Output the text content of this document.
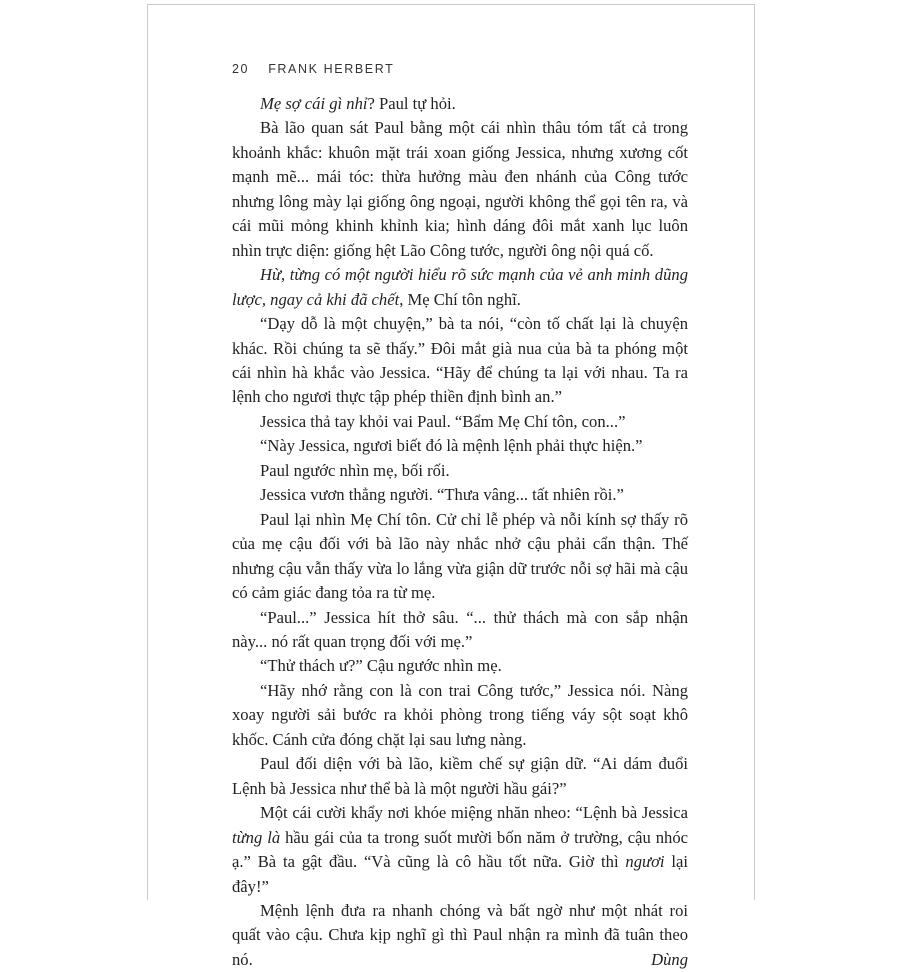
20 FRANK HERBERT

Mẹ sợ cái gì nhỉ? Paul tự hỏi.

Bà lão quan sát Paul bằng một cái nhìn thâu tóm tất cả trong khoảnh khắc: khuôn mặt trái xoan giống Jessica, nhưng xương cốt mạnh mẽ... mái tóc: thừa hưởng màu đen nhánh của Công tước nhưng lông mày lại giống ông ngoại, người không thể gọi tên ra, và cái mũi mỏng khinh khỉnh kia; hình dáng đôi mắt xanh lục luôn nhìn trực diện: giống hệt Lão Công tước, người ông nội quá cố.

Hừ, từng có một người hiểu rõ sức mạnh của vẻ anh minh dũng lược, ngay cả khi đã chết, Mẹ Chí tôn nghĩ.

“Dạy dỗ là một chuyện,” bà ta nói, “còn tố chất lại là chuyện khác. Rồi chúng ta sẽ thấy.” Đôi mắt già nua của bà ta phóng một cái nhìn hà khắc vào Jessica. “Hãy để chúng ta lại với nhau. Ta ra lệnh cho ngươi thực tập phép thiền định bình an.”

Jessica thả tay khỏi vai Paul. “Bẩm Mẹ Chí tôn, con...”

“Này Jessica, ngươi biết đó là mệnh lệnh phải thực hiện.”

Paul ngước nhìn mẹ, bối rối.

Jessica vươn thẳng người. “Thưa vâng... tất nhiên rồi.”

Paul lại nhìn Mẹ Chí tôn. Cử chỉ lễ phép và nỗi kính sợ thấy rõ của mẹ cậu đối với bà lão này nhắc nhở cậu phải cẩn thận. Thế nhưng cậu vẫn thấy vừa lo lắng vừa giận dữ trước nỗi sợ hãi mà cậu có cảm giác đang tỏa ra từ mẹ.

“Paul...” Jessica hít thở sâu. “... thử thách mà con sắp nhận này... nó rất quan trọng đối với mẹ.”

“Thử thách ư?” Cậu ngước nhìn mẹ.

“Hãy nhớ rằng con là con trai Công tước,” Jessica nói. Nàng xoay người sải bước ra khỏi phòng trong tiếng váy sột soạt khô khốc. Cánh cửa đóng chặt lại sau lưng nàng.

Paul đối diện với bà lão, kiềm chế sự giận dữ. “Ai dám đuổi Lệnh bà Jessica như thể bà là một người hầu gái?”

Một cái cười khẩy nơi khóe miệng nhăn nheo: “Lệnh bà Jessica từng là hầu gái của ta trong suốt mười bốn năm ở trường, cậu nhóc ạ.” Bà ta gật đầu. “Và cũng là cô hầu tốt nữa. Giờ thì ngươi lại đây!”

Mệnh lệnh đưa ra nhanh chóng và bất ngờ như một nhát roi quất vào cậu. Chưa kịp nghĩ gì thì Paul nhận ra mình đã tuân theo nó. Dùng
